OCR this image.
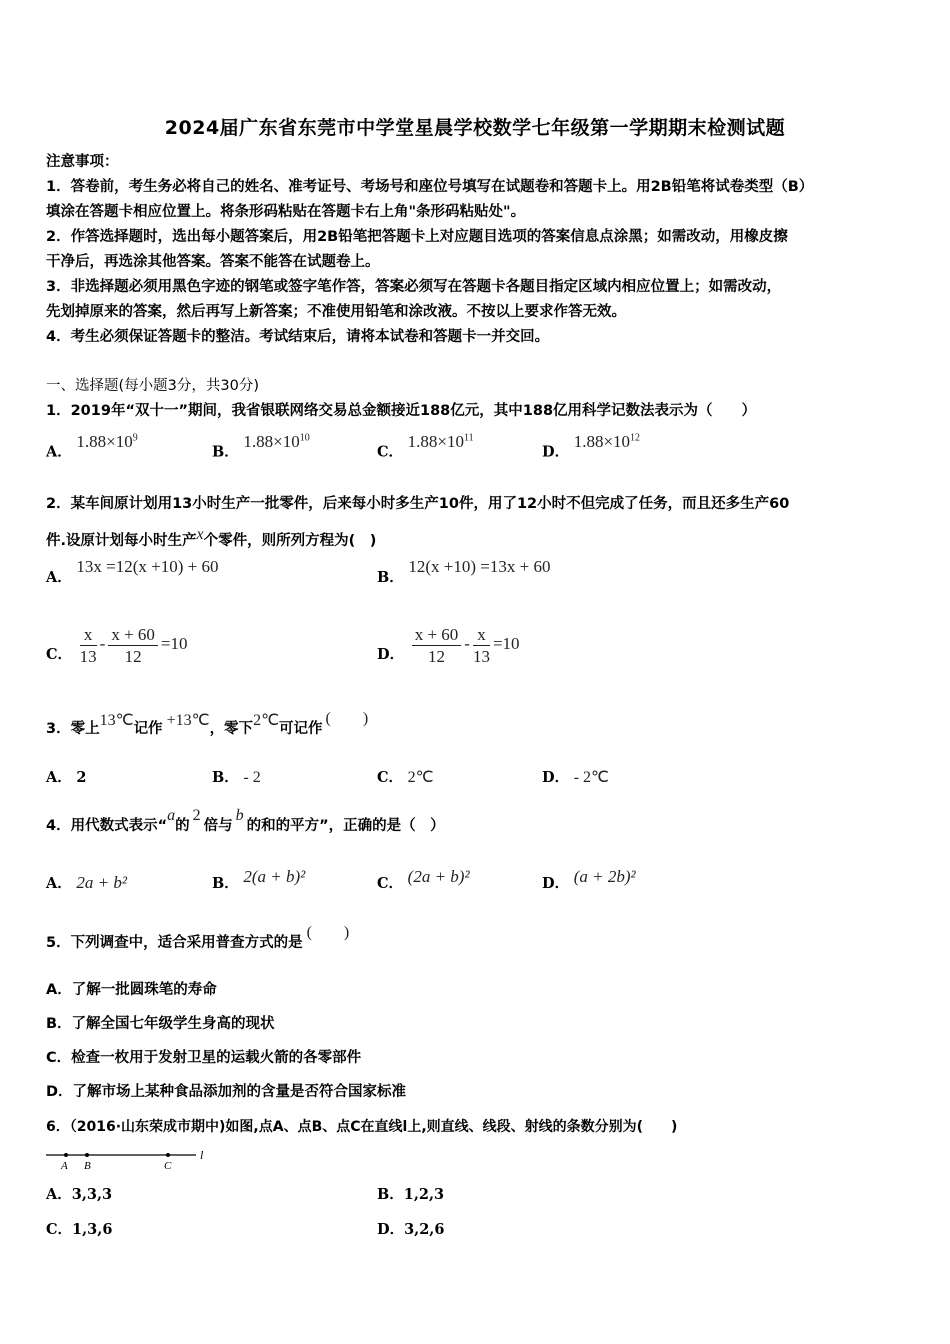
2024届广东省东莞市中学堂星晨学校数学七年级第一学期期末检测试题
注意事项：
1．答卷前，考生务必将自己的姓名、准考证号、考场号和座位号填写在试题卷和答题卡上。用2B铅笔将试卷类型（B）
填涂在答题卡相应位置上。将条形码粘贴在答题卡右上角"条形码粘贴处"。
2．作答选择题时，选出每小题答案后，用2B铅笔把答题卡上对应题目选项的答案信息点涂黑；如需改动，用橡皮擦
干净后，再选涂其他答案。答案不能答在试题卷上。
3．非选择题必须用黑色字迹的钢笔或签字笔作答，答案必须写在答题卡各题目指定区域内相应位置上；如需改动，
先划掉原来的答案，然后再写上新答案；不准使用铅笔和涂改液。不按以上要求作答无效。
4．考生必须保证答题卡的整洁。考试结束后，请将本试卷和答题卡一并交回。
一、选择题(每小题3分，共30分)
1．2019年“双十一”期间，我省银联网络交易总金额接近188亿元，其中188亿用科学记数法表示为（　　）
A． $1.88\times 10^9$
B． $1.88\times 10^{10}$
C． $1.88\times 10^{11}$
D． $1.88\times 10^{12}$
2．某车间原计划用13小时生产一批零件，后来每小时多生产10件，用了12小时不但完成了任务，而且还多生产60
件.设原计划每小时生产x个零件，则所列方程为(　)
A． 13x =12(x +10) + 60
B． 12(x +10) =13x + 60
C． $\frac{x}{13} - \frac{x + 60}{12} =10$
D． $\frac{x + 60}{12} - \frac{x}{13} =10$
3．零上13℃记作 +13℃，零下2℃可记作(　　)
A． 2	B． - 2	C． 2℃	D． - 2℃
4．用代数式表示“a的2倍与b的和的平方”，正确的是（　）
A． 2a + b²	B． 2(a + b)²	C． (2a + b)²	D． (a + 2b)²
5．下列调查中，适合采用普查方式的是(　　)
A．了解一批圆珠笔的寿命
B．了解全国七年级学生身高的现状
C．检查一枚用于发射卫星的运载火箭的各零部件
D．了解市场上某种食品添加剂的含量是否符合国家标准
6．（2016·山东荣成市期中)如图,点A、点B、点C在直线l上,则直线、线段、射线的条数分别为(　　)
A B	C
l
A．3,3,3	B．1,2,3
C．1,3,6	D．3,2,6
